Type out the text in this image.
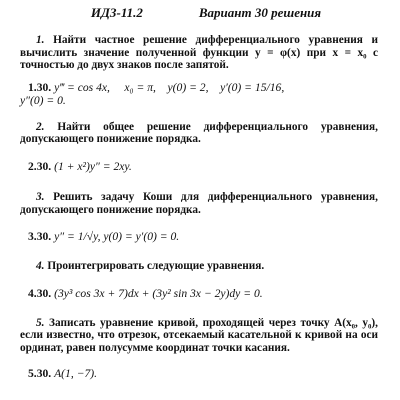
ИДЗ-11.2	Вариант 30 решения

1. Найти частное решение дифференциального уравнения и вычислить значение полученной функции y = φ(x) при x = x₀ с точностью до двух знаков после запятой.

1.30. y‴ = cos 4x,     x₀ = π,    y(0) = 2,    y′(0) = 15/16,
y″(0) = 0.

2. Найти общее решение дифференциального уравнения, допускающего понижение порядка.

2.30. (1 + x²)y″ = 2xy.

3. Решить задачу Коши для дифференциального уравнения, допускающего понижение порядка.

3.30. y″ = 1/√y, y(0) = y′(0) = 0.

4. Проинтегрировать следующие уравнения.

4.30. (3y³ cos 3x + 7)dx + (3y² sin 3x − 2y)dy = 0.

5. Записать уравнение кривой, проходящей через точку A(x₀, y₀), если известно, что отрезок, отсекаемый касательной к кривой на оси ординат, равен полусумме координат точки касания.

5.30. A(1, −7).
